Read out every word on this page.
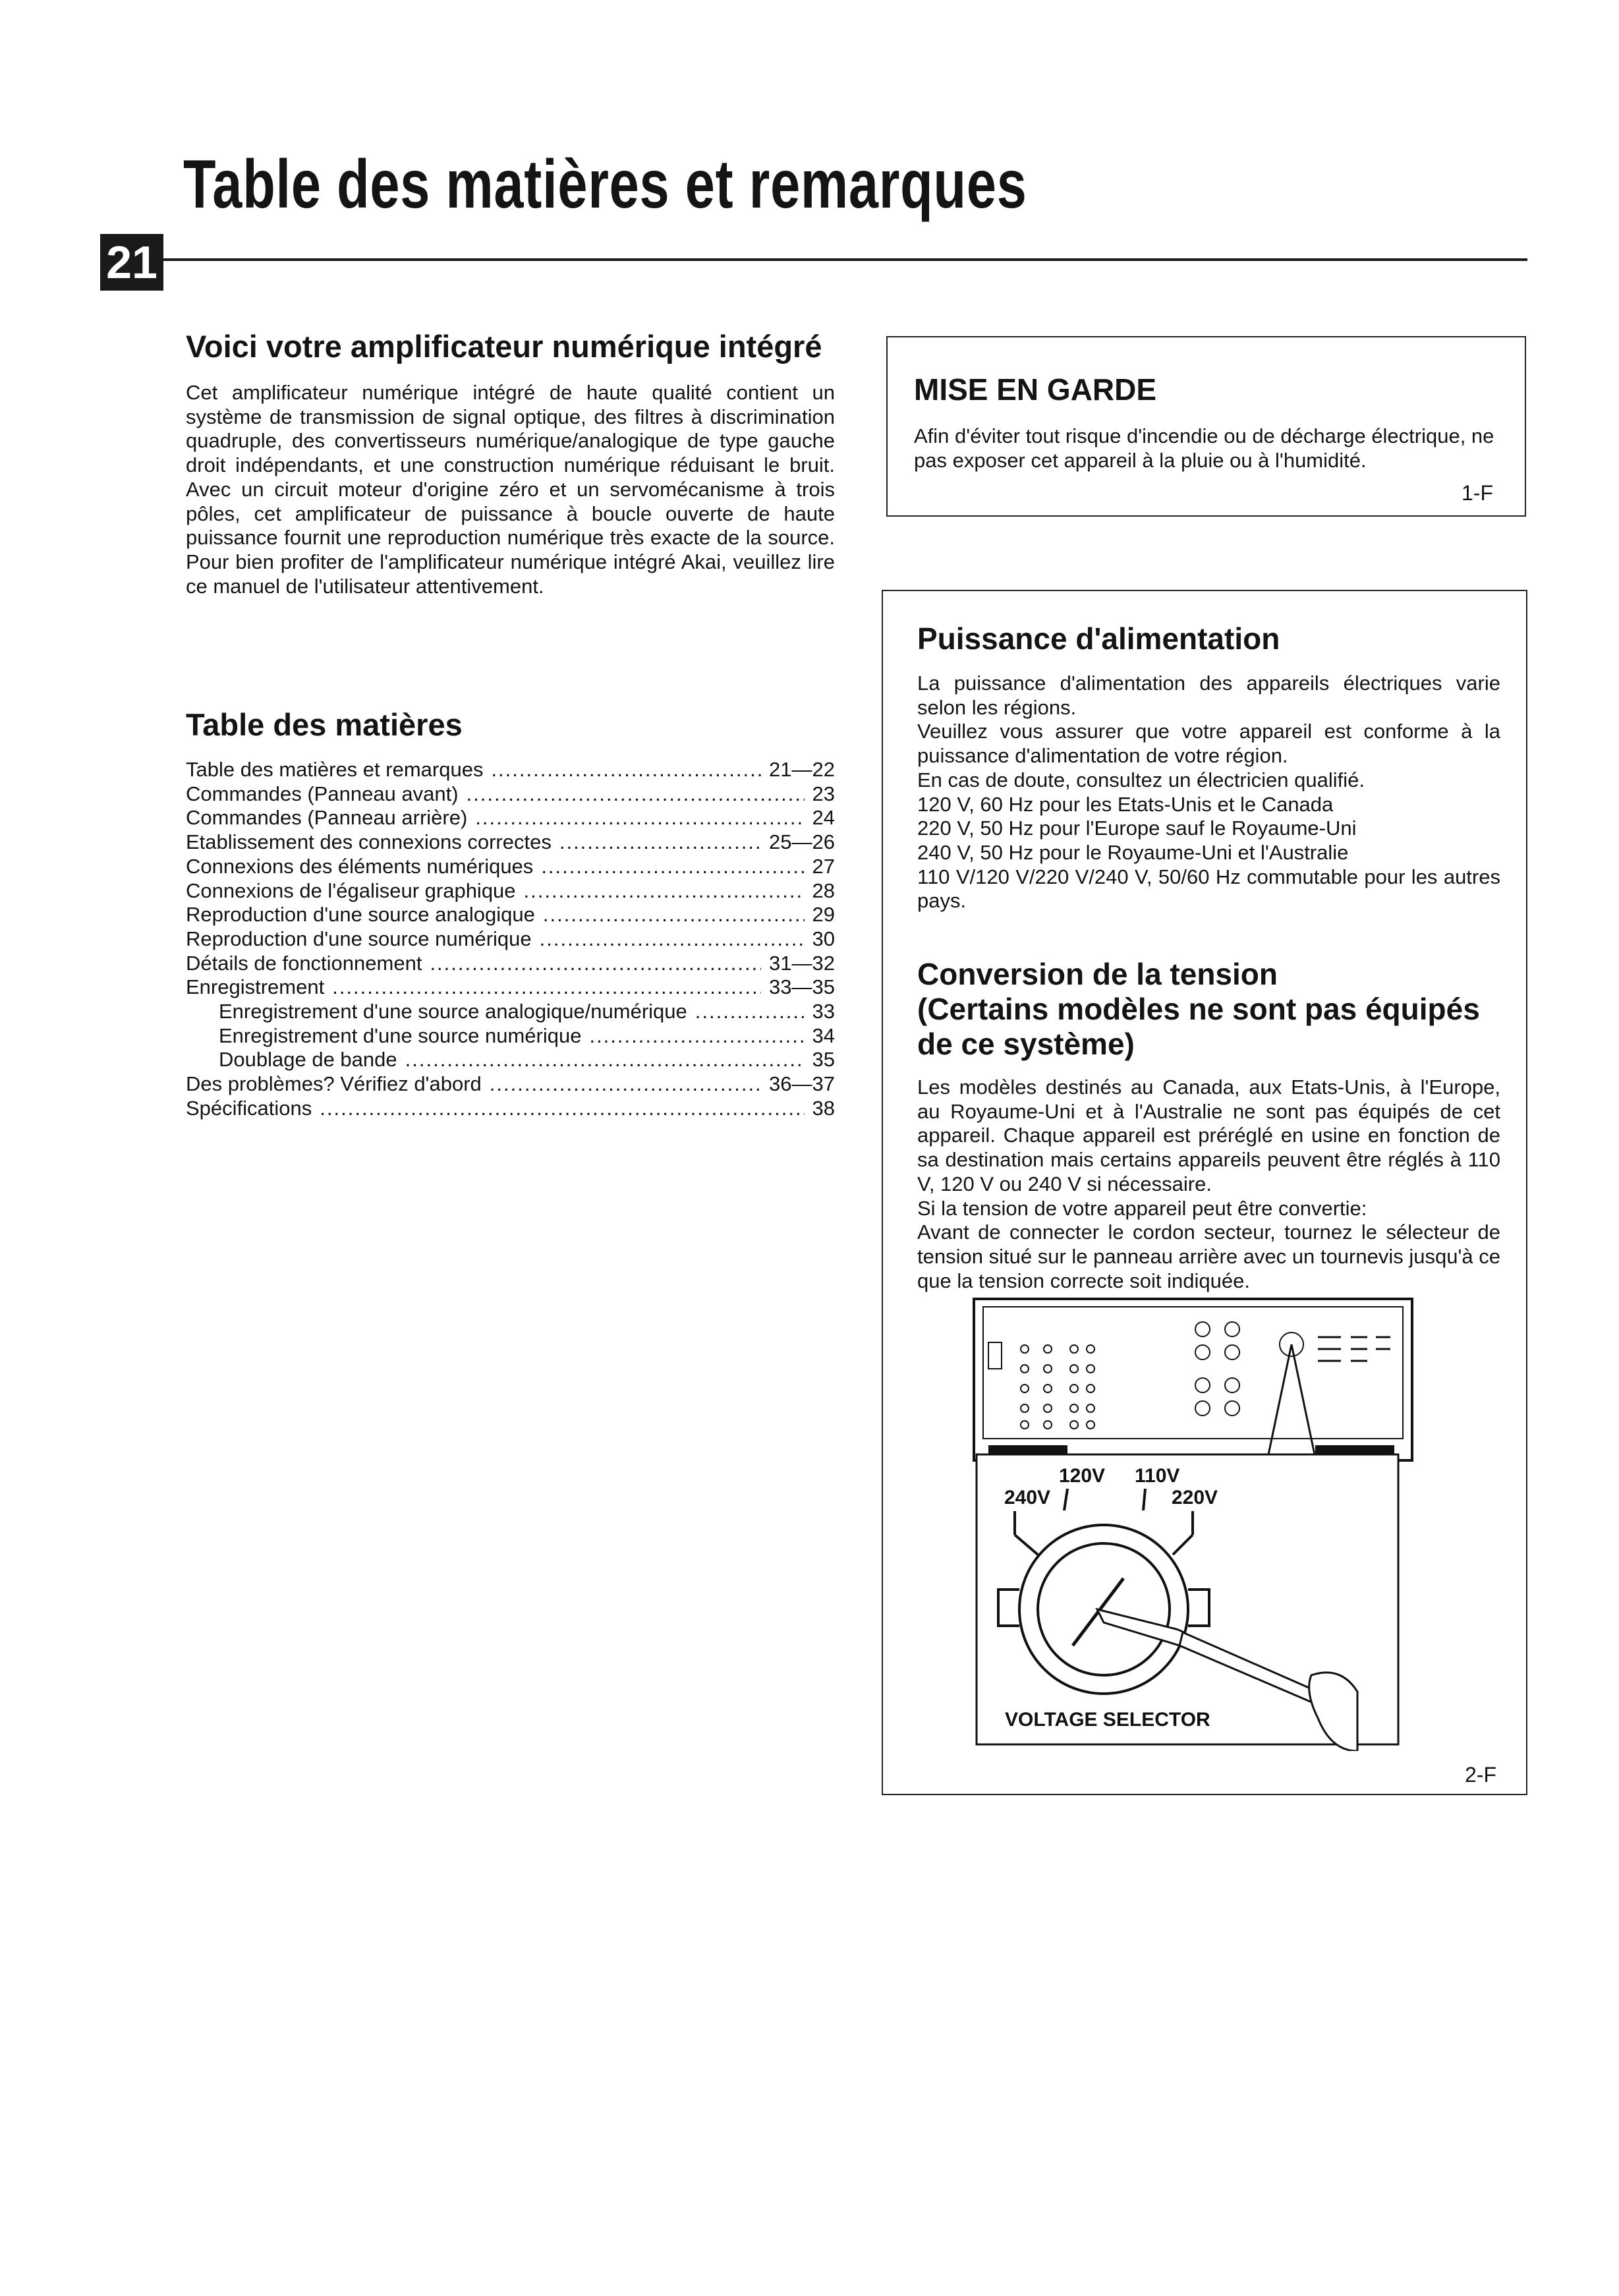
Table des matières et remarques
21
Voici votre amplificateur numérique intégré
Cet amplificateur numérique intégré de haute qualité contient un système de transmission de signal optique, des filtres à discrimination quadruple, des convertisseurs numérique/analogique de type gauche droit indépendants, et une construction numérique réduisant le bruit. Avec un circuit moteur d'origine zéro et un servomécanisme à trois pôles, cet amplificateur de puissance à boucle ouverte de haute puissance fournit une reproduction numérique très exacte de la source. Pour bien profiter de l'amplificateur numérique intégré Akai, veuillez lire ce manuel de l'utilisateur attentivement.
Table des matières
Table des matières et remarques .....	21—22
Commandes (Panneau avant) .....	23
Commandes (Panneau arrière) .....	24
Etablissement des connexions correctes .....	25—26
Connexions des éléments numériques .....	27
Connexions de l'égaliseur graphique .....	28
Reproduction d'une source analogique .....	29
Reproduction d'une source numérique .....	30
Détails de fonctionnement .....	31—32
Enregistrement .....	33—35
Enregistrement d'une source analogique/numérique .....	33
Enregistrement d'une source numérique .....	34
Doublage de bande .....	35
Des problèmes? Vérifiez d'abord .....	36—37
Spécifications .....	38
MISE EN GARDE
Afin d'éviter tout risque d'incendie ou de décharge électrique, ne pas exposer cet appareil à la pluie ou à l'humidité.
1-F
Puissance d'alimentation
La puissance d'alimentation des appareils électriques varie selon les régions.
Veuillez vous assurer que votre appareil est conforme à la puissance d'alimentation de votre région.
En cas de doute, consultez un électricien qualifié.
120 V, 60 Hz pour les Etats-Unis et le Canada
220 V, 50 Hz pour l'Europe sauf le Royaume-Uni
240 V, 50 Hz pour le Royaume-Uni et l'Australie
110 V/120 V/220 V/240 V, 50/60 Hz commutable pour les autres pays.
Conversion de la tension
(Certains modèles ne sont pas équipés
de ce système)
Les modèles destinés au Canada, aux Etats-Unis, à l'Europe, au Royaume-Uni et à l'Australie ne sont pas équipés de cet appareil. Chaque appareil est préréglé en usine en fonction de sa destination mais certains appareils peuvent être réglés à 110 V, 120 V ou 240 V si nécessaire.
Si la tension de votre appareil peut être convertie:
Avant de connecter le cordon secteur, tournez le sélecteur de tension situé sur le panneau arrière avec un tournevis jusqu'à ce que la tension correcte soit indiquée.
120V 110V
240V	220V
VOLTAGE SELECTOR
2-F
